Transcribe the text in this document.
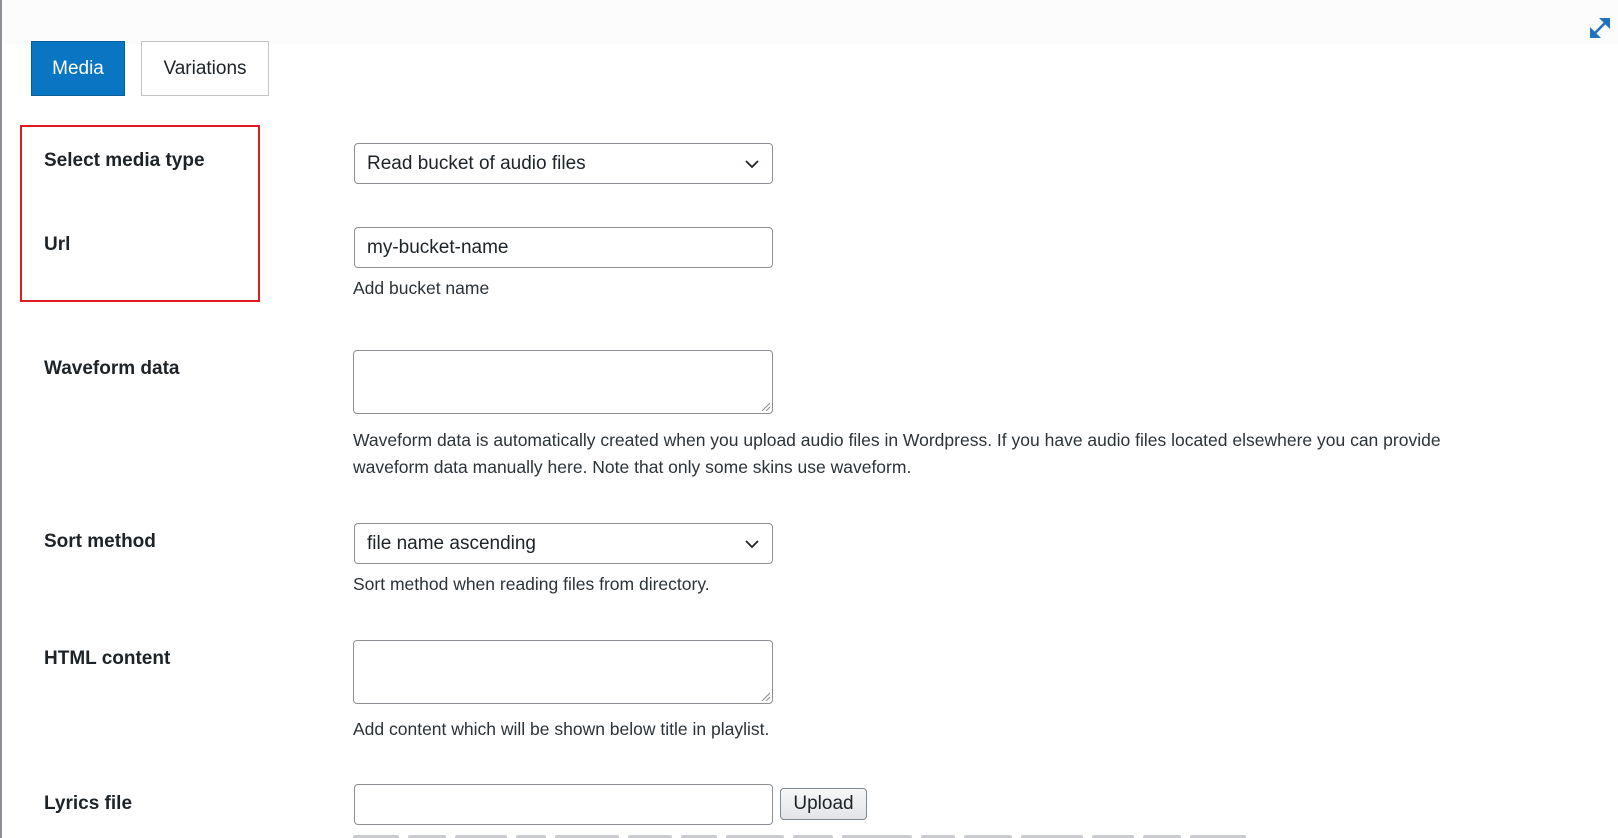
Media	Variations
Select media type	Read bucket of audio files
Url	my-bucket-name
Add bucket name
Waveform data
Waveform data is automatically created when you upload audio files in Wordpress. If you have audio files located elsewhere you can provide
waveform data manually here. Note that only some skins use waveform.
Sort method	file name ascending
Sort method when reading files from directory.
HTML content
Add content which will be shown below title in playlist.
Lyrics file	Upload
